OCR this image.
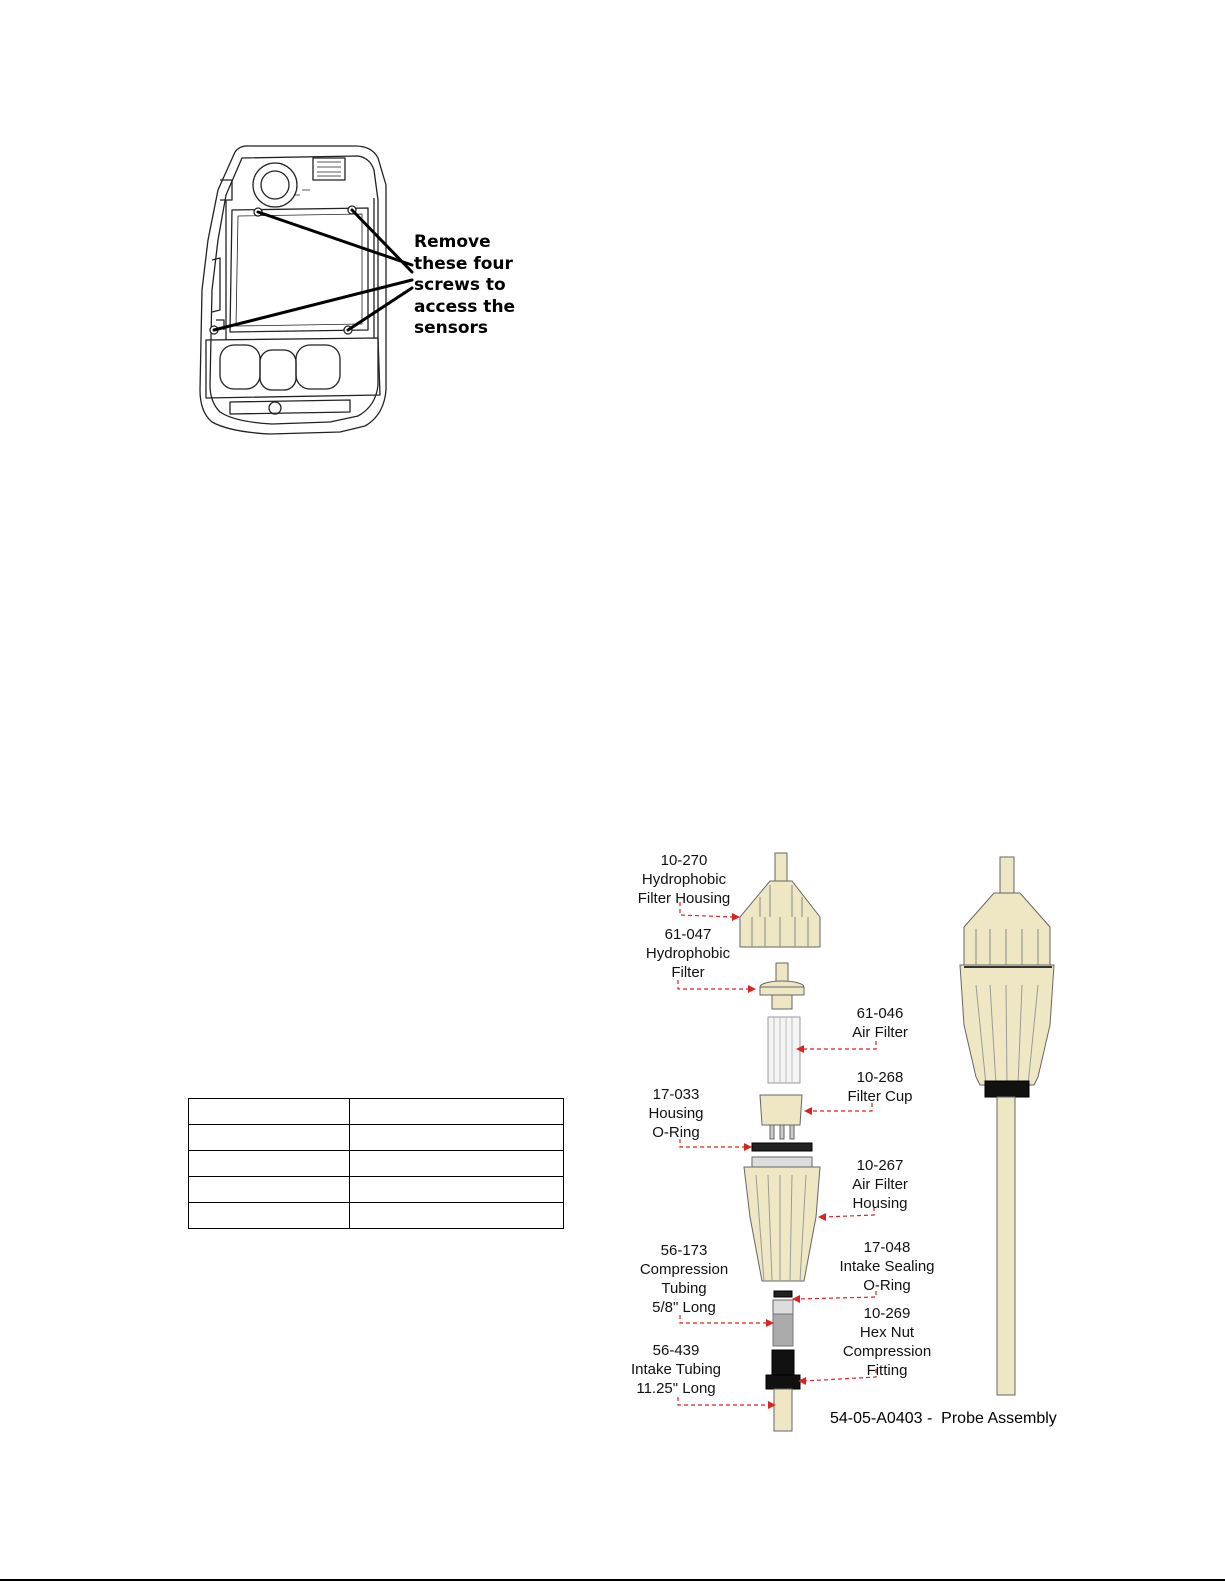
Remove
these four
screws to
access the
sensors

10-270
Hydrophobic
Filter Housing
61-047
Hydrophobic
Filter
61-046
Air Filter
10-268
Filter Cup
17-033
Housing
O-Ring
10-267
Air Filter
Housing
56-173
Compression
Tubing
5/8" Long
17-048
Intake Sealing
O-Ring
10-269
Hex Nut
Compression
Fitting
56-439
Intake Tubing
11.25" Long
54-05-A0403 -  Probe Assembly
